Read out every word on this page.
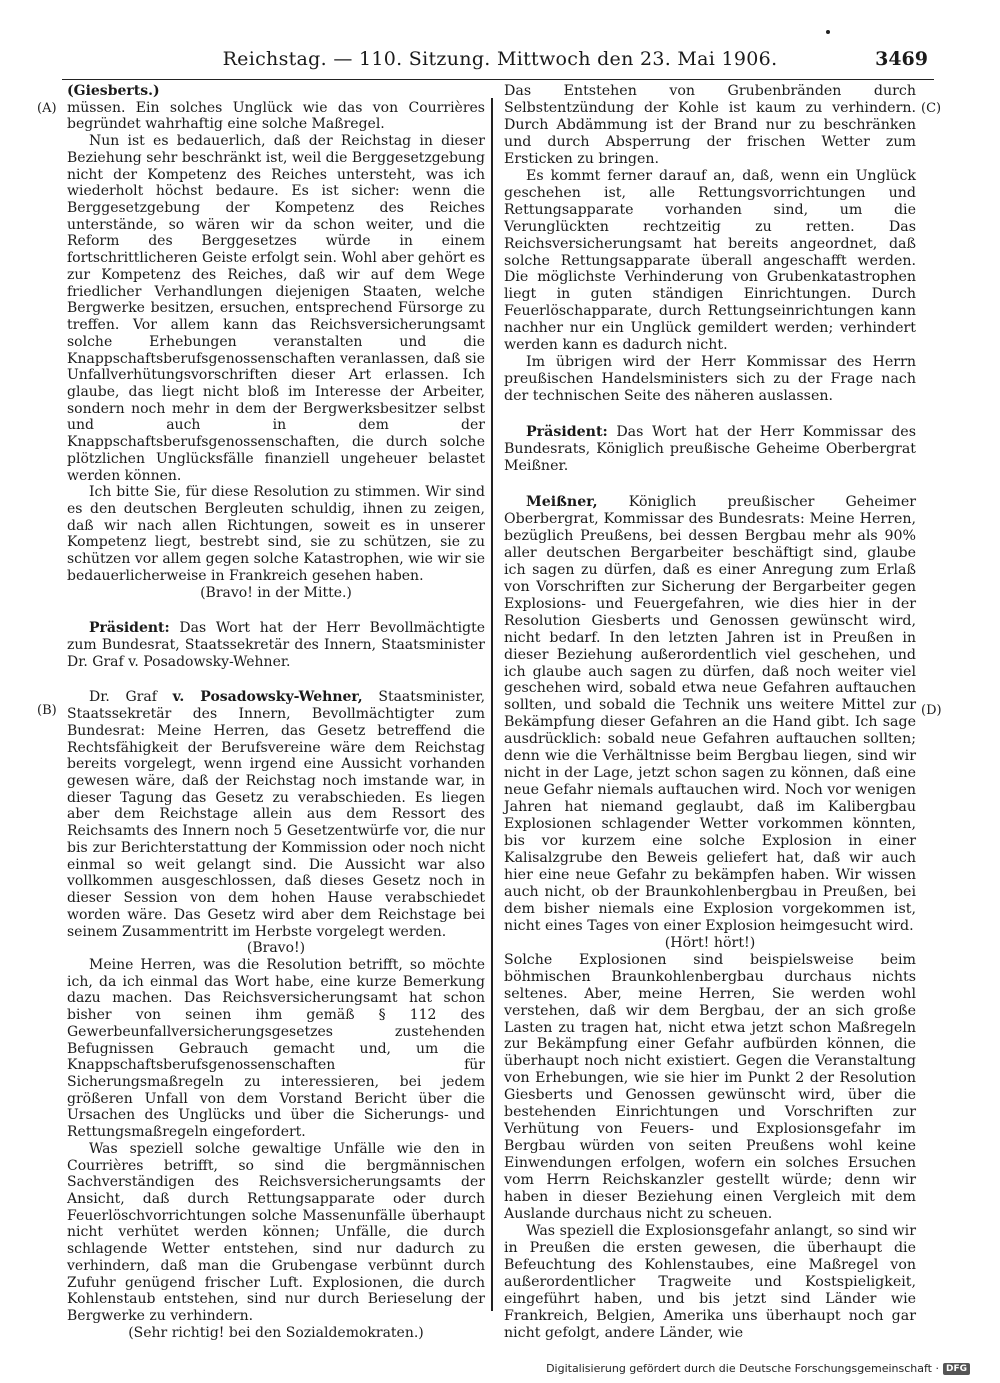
Reichstag. — 110. Sitzung. Mittwoch den 23. Mai 1906.	3469
(A)
(B)
(C)
(D)

(Giesberts.)

müssen. Ein solches Unglück wie das von Courrières begründet wahrhaftig eine solche Maßregel.

Nun ist es bedauerlich, daß der Reichstag in dieser Beziehung sehr beschränkt ist, weil die Berggesetzgebung nicht der Kompetenz des Reiches untersteht, was ich wiederholt höchst bedaure. Es ist sicher: wenn die Berggesetzgebung der Kompetenz des Reiches unterstände, so wären wir da schon weiter, und die Reform des Berggesetzes würde in einem fortschrittlicheren Geiste erfolgt sein. Wohl aber gehört es zur Kompetenz des Reiches, daß wir auf dem Wege friedlicher Verhandlungen diejenigen Staaten, welche Bergwerke besitzen, ersuchen, entsprechend Fürsorge zu treffen. Vor allem kann das Reichsversicherungsamt solche Erhebungen veranstalten und die Knappschaftsberufsgenossenschaften veranlassen, daß sie Unfallverhütungsvorschriften dieser Art erlassen. Ich glaube, das liegt nicht bloß im Interesse der Arbeiter, sondern noch mehr in dem der Bergwerksbesitzer selbst und auch in dem der Knappschaftsberufsgenossenschaften, die durch solche plötzlichen Unglücksfälle finanziell ungeheuer belastet werden können.

Ich bitte Sie, für diese Resolution zu stimmen. Wir sind es den deutschen Bergleuten schuldig, ihnen zu zeigen, daß wir nach allen Richtungen, soweit es in unserer Kompetenz liegt, bestrebt sind, sie zu schützen, sie zu schützen vor allem gegen solche Katastrophen, wie wir sie bedauerlicherweise in Frankreich gesehen haben.

(Bravo! in der Mitte.)

Präsident: Das Wort hat der Herr Bevollmächtigte zum Bundesrat, Staatssekretär des Innern, Staatsminister Dr. Graf v. Posadowsky-Wehner.

Dr. Graf v. Posadowsky-Wehner, Staatsminister, Staatssekretär des Innern, Bevollmächtigter zum Bundesrat: Meine Herren, das Gesetz betreffend die Rechtsfähigkeit der Berufsvereine wäre dem Reichstag bereits vorgelegt, wenn irgend eine Aussicht vorhanden gewesen wäre, daß der Reichstag noch imstande war, in dieser Tagung das Gesetz zu verabschieden. Es liegen aber dem Reichstage allein aus dem Ressort des Reichsamts des Innern noch 5 Gesetzentwürfe vor, die nur bis zur Berichterstattung der Kommission oder noch nicht einmal so weit gelangt sind. Die Aussicht war also vollkommen ausgeschlossen, daß dieses Gesetz noch in dieser Session von dem hohen Hause verabschiedet worden wäre. Das Gesetz wird aber dem Reichstage bei seinem Zusammentritt im Herbste vorgelegt werden.

(Bravo!)

Meine Herren, was die Resolution betrifft, so möchte ich, da ich einmal das Wort habe, eine kurze Bemerkung dazu machen. Das Reichsversicherungsamt hat schon bisher von seinen ihm gemäß § 112 des Gewerbeunfallversicherungsgesetzes zustehenden Befugnissen Gebrauch gemacht und, um die Knappschaftsberufsgenossenschaften für Sicherungsmaßregeln zu interessieren, bei jedem größeren Unfall von dem Vorstand Bericht über die Ursachen des Unglücks und über die Sicherungs- und Rettungsmaßregeln eingefordert.

Was speziell solche gewaltige Unfälle wie den in Courrières betrifft, so sind die bergmännischen Sachverständigen des Reichsversicherungsamts der Ansicht, daß durch Rettungsapparate oder durch Feuerlöschvorrichtungen solche Massenunfälle überhaupt nicht verhütet werden können; Unfälle, die durch schlagende Wetter entstehen, sind nur dadurch zu verhindern, daß man die Grubengase verbünnt durch Zufuhr genügend frischer Luft. Explosionen, die durch Kohlenstaub entstehen, sind nur durch Berieselung der Bergwerke zu verhindern.

(Sehr richtig! bei den Sozialdemokraten.)

Das Entstehen von Grubenbränden durch Selbstentzündung der Kohle ist kaum zu verhindern. Durch Abdämmung ist der Brand nur zu beschränken und durch Absperrung der frischen Wetter zum Ersticken zu bringen.

Es kommt ferner darauf an, daß, wenn ein Unglück geschehen ist, alle Rettungsvorrichtungen und Rettungsapparate vorhanden sind, um die Verunglückten rechtzeitig zu retten. Das Reichsversicherungsamt hat bereits angeordnet, daß solche Rettungsapparate überall angeschafft werden. Die möglichste Verhinderung von Grubenkatastrophen liegt in guten ständigen Einrichtungen. Durch Feuerlöschapparate, durch Rettungseinrichtungen kann nachher nur ein Unglück gemildert werden; verhindert werden kann es dadurch nicht.

Im übrigen wird der Herr Kommissar des Herrn preußischen Handelsministers sich zu der Frage nach der technischen Seite des näheren auslassen.

Präsident: Das Wort hat der Herr Kommissar des Bundesrats, Königlich preußische Geheime Oberbergrat Meißner.

Meißner, Königlich preußischer Geheimer Oberbergrat, Kommissar des Bundesrats: Meine Herren, bezüglich Preußens, bei dessen Bergbau mehr als 90% aller deutschen Bergarbeiter beschäftigt sind, glaube ich sagen zu dürfen, daß es einer Anregung zum Erlaß von Vorschriften zur Sicherung der Bergarbeiter gegen Explosions- und Feuergefahren, wie dies hier in der Resolution Giesberts und Genossen gewünscht wird, nicht bedarf. In den letzten Jahren ist in Preußen in dieser Beziehung außerordentlich viel geschehen, und ich glaube auch sagen zu dürfen, daß noch weiter viel geschehen wird, sobald etwa neue Gefahren auftauchen sollten, und sobald die Technik uns weitere Mittel zur Bekämpfung dieser Gefahren an die Hand gibt. Ich sage ausdrücklich: sobald neue Gefahren auftauchen sollten; denn wie die Verhältnisse beim Bergbau liegen, sind wir nicht in der Lage, jetzt schon sagen zu können, daß eine neue Gefahr niemals auftauchen wird. Noch vor wenigen Jahren hat niemand geglaubt, daß im Kalibergbau Explosionen schlagender Wetter vorkommen könnten, bis vor kurzem eine solche Explosion in einer Kalisalzgrube den Beweis geliefert hat, daß wir auch hier eine neue Gefahr zu bekämpfen haben. Wir wissen auch nicht, ob der Braunkohlenbergbau in Preußen, bei dem bisher niemals eine Explosion vorgekommen ist, nicht eines Tages von einer Explosion heimgesucht wird.

(Hört! hört!)

Solche Explosionen sind beispielsweise beim böhmischen Braunkohlenbergbau durchaus nichts seltenes. Aber, meine Herren, Sie werden wohl verstehen, daß wir dem Bergbau, der an sich große Lasten zu tragen hat, nicht etwa jetzt schon Maßregeln zur Bekämpfung einer Gefahr aufbürden können, die überhaupt noch nicht existiert. Gegen die Veranstaltung von Erhebungen, wie sie hier im Punkt 2 der Resolution Giesberts und Genossen gewünscht wird, über die bestehenden Einrichtungen und Vorschriften zur Verhütung von Feuers- und Explosionsgefahr im Bergbau würden von seiten Preußens wohl keine Einwendungen erfolgen, wofern ein solches Ersuchen vom Herrn Reichskanzler gestellt würde; denn wir haben in dieser Beziehung einen Vergleich mit dem Auslande durchaus nicht zu scheuen.

Was speziell die Explosionsgefahr anlangt, so sind wir in Preußen die ersten gewesen, die überhaupt die Befeuchtung des Kohlenstaubes, eine Maßregel von außerordentlicher Tragweite und Kostspieligkeit, eingeführt haben, und bis jetzt sind Länder wie Frankreich, Belgien, Amerika uns überhaupt noch gar nicht gefolgt, andere Länder, wie

Digitalisierung gefördert durch die Deutsche Forschungsgemeinschaft · DFG
